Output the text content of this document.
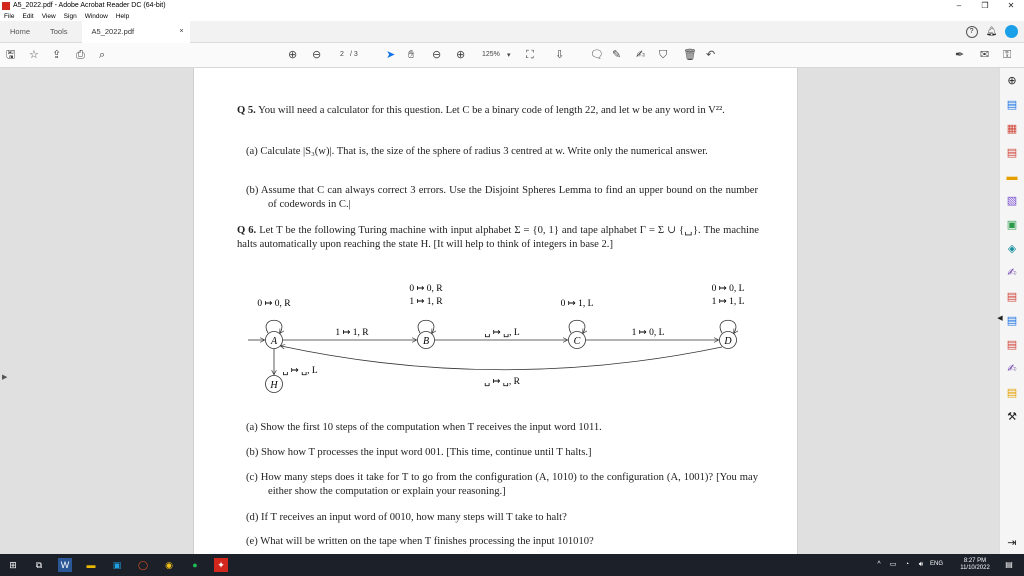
A5_2022.pdf - Adobe Acrobat Reader DC (64-bit)	–	❐	✕
File Edit View Sign Window Help
Home	Tools	A5_2022.pdf	×	?	🔔︎
🖫︎ ☆ ⇪ ⎙ ⌕	⊕ ⊖	2 / 3	➤ ✋︎ ⊖ ⊕ 125% ▾ ⛶ ⇩ 🗨︎ ✎ ✍︎ ⛉ 🗑︎ ↶	✒︎ ✉︎ ⚿
▶
Q 5. You will need a calculator for this question. Let C be a binary code of length 22, and let w be any word in V²².
(a) Calculate |S₃(w)|. That is, the size of the sphere of radius 3 centred at w. Write only the numerical answer.
(b) Assume that C can always correct 3 errors. Use the Disjoint Spheres Lemma to find an upper bound on the number of codewords in C.|
Q 6. Let T be the following Turing machine with input alphabet Σ = {0, 1} and tape alphabet Γ = Σ ∪ {␣}. The machine halts automatically upon reaching the state H. [It will help to think of integers in base 2.]
A	B	C	D
H
0 ↦ 0, R
0 ↦ 0, R
1 ↦ 1, R	0 ↦ 1, L
0 ↦ 0, L
1 ↦ 1, L
1 ↦ 1, R	␣ ↦ ␣, L	1 ↦ 0, L
␣ ↦ ␣, R
␣ ↦ ␣, L
(a) Show the first 10 steps of the computation when T receives the input word 1011.
(b) Show how T processes the input word 001. [This time, continue until T halts.]
(c) How many steps does it take for T to go from the configuration (A, 1010) to the configuration (A, 1001)? [You may either show the computation or explain your reasoning.]
(d) If T receives an input word of 0010, how many steps will T take to halt?
(e) What will be written on the tape when T finishes processing the input 101010?
⊕
▤
▦
▤
▬
▧
▣
◈
✍︎
▤
▤
▤
✍︎
▤
⚒︎
◀
⇥
⊞	⧉	W	▬	▣	◯	◉	●	✦	^	▭	◔	🔊︎	ENG	8:27 PM
11/10/2022	▤
